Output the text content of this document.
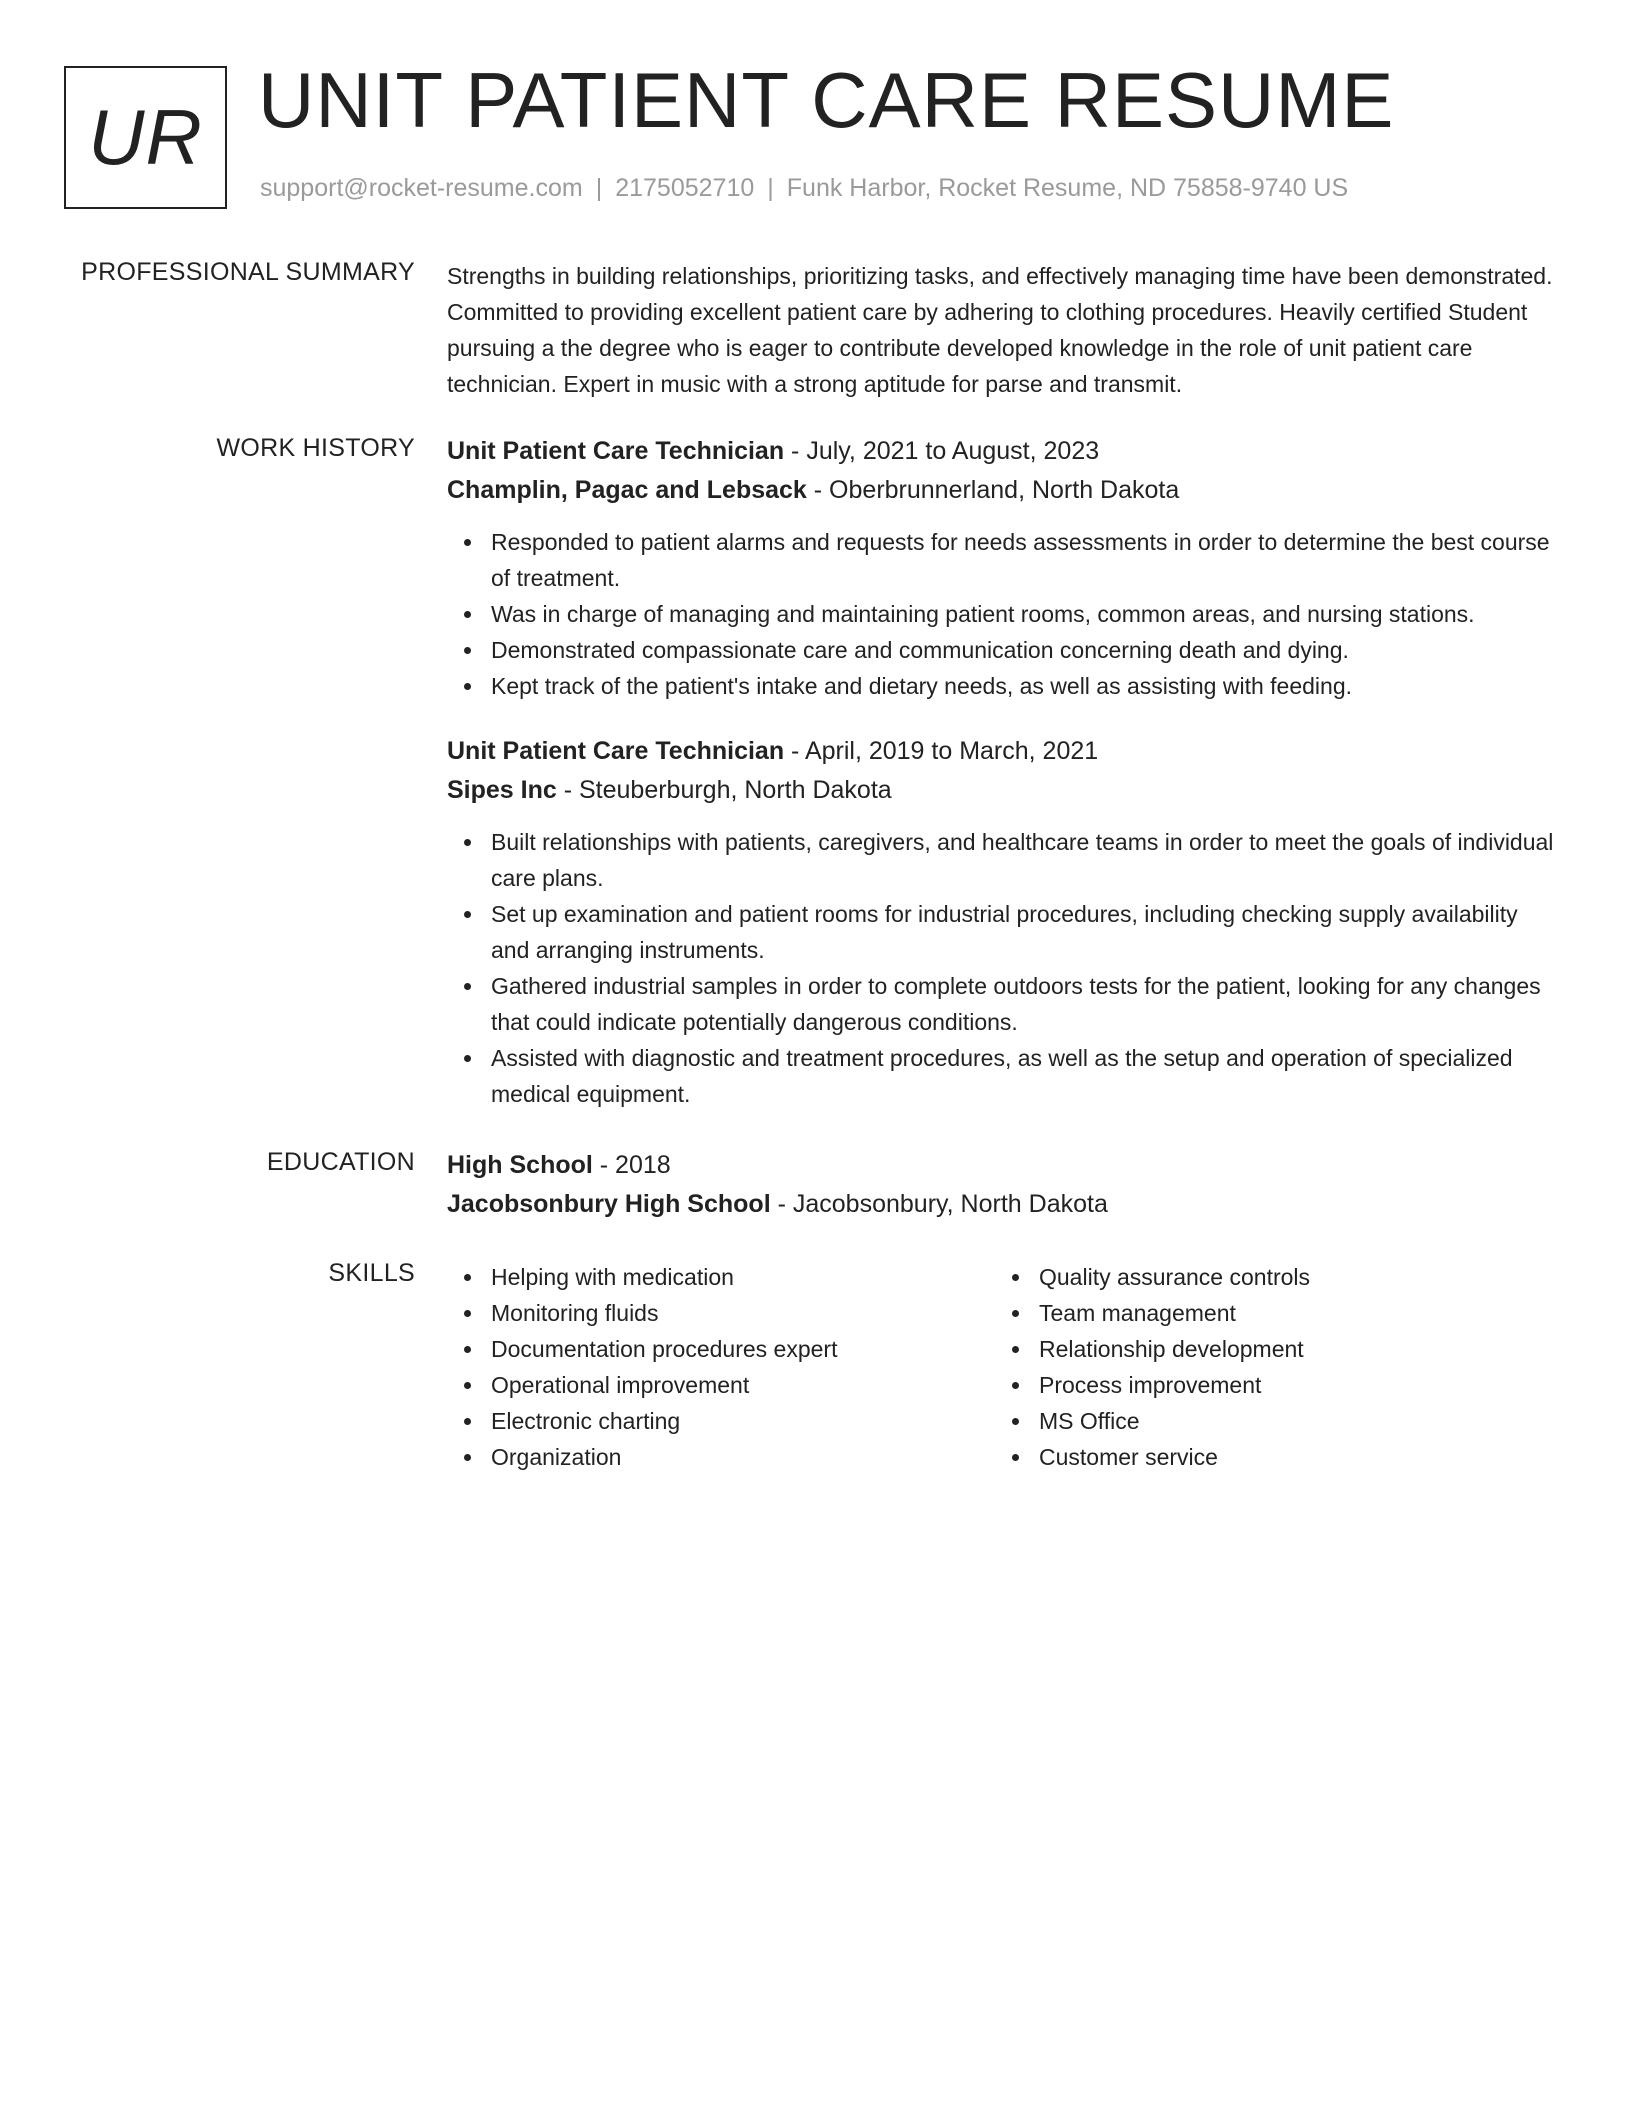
UR UNIT PATIENT CARE RESUME
support@rocket-resume.com | 2175052710 | Funk Harbor, Rocket Resume, ND 75858-9740 US
PROFESSIONAL SUMMARY Strengths in building relationships, prioritizing tasks, and effectively managing time have been demonstrated. Committed to providing excellent patient care by adhering to clothing procedures. Heavily certified Student pursuing a the degree who is eager to contribute developed knowledge in the role of unit patient care technician. Expert in music with a strong aptitude for parse and transmit.

WORK HISTORY Unit Patient Care Technician - July, 2021 to August, 2023
Champlin, Pagac and Lebsack - Oberbrunnerland, North Dakota
Responded to patient alarms and requests for needs assessments in order to determine the best course of treatment.
Was in charge of managing and maintaining patient rooms, common areas, and nursing stations.
Demonstrated compassionate care and communication concerning death and dying.
Kept track of the patient's intake and dietary needs, as well as assisting with feeding.
Unit Patient Care Technician - April, 2019 to March, 2021
Sipes Inc - Steuberburgh, North Dakota
Built relationships with patients, caregivers, and healthcare teams in order to meet the goals of individual care plans.
Set up examination and patient rooms for industrial procedures, including checking supply availability and arranging instruments.
Gathered industrial samples in order to complete outdoors tests for the patient, looking for any changes that could indicate potentially dangerous conditions.
Assisted with diagnostic and treatment procedures, as well as the setup and operation of specialized medical equipment.
EDUCATION High School - 2018
Jacobsonbury High School - Jacobsonbury, North Dakota
SKILLS	Helping with medication
Monitoring fluids
Documentation procedures expert
Operational improvement
Electronic charting
Organization
Quality assurance controls
Team management
Relationship development
Process improvement
MS Office
Customer service
